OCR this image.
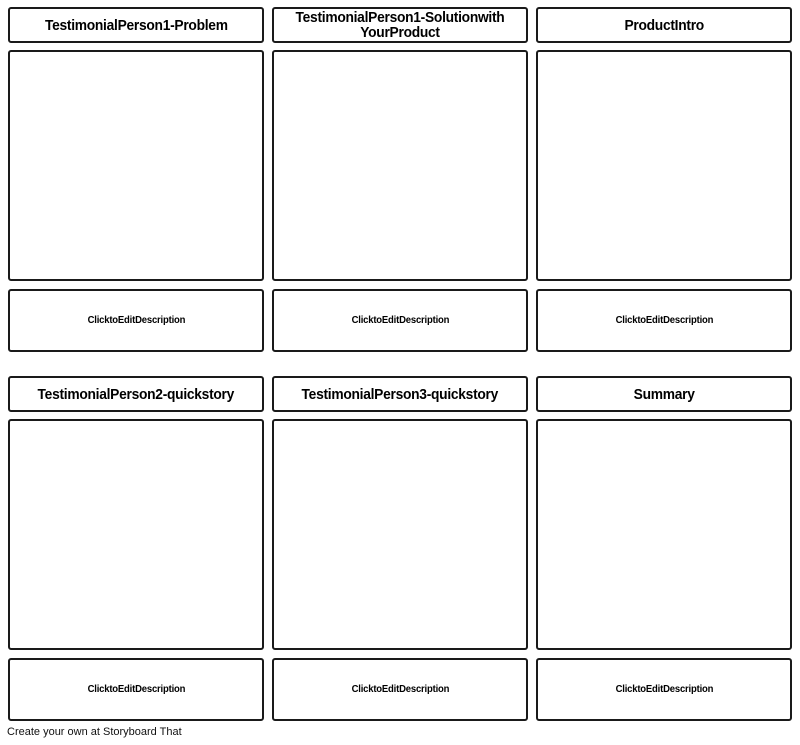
TestimonialPerson1-Problem
ClicktoEditDescription
TestimonialPerson1-Solutionwith YourProduct
ClicktoEditDescription
ProductIntro
ClicktoEditDescription
TestimonialPerson2-quickstory
ClicktoEditDescription
TestimonialPerson3-quickstory
ClicktoEditDescription
Summary
ClicktoEditDescription
Create your own at Storyboard That
